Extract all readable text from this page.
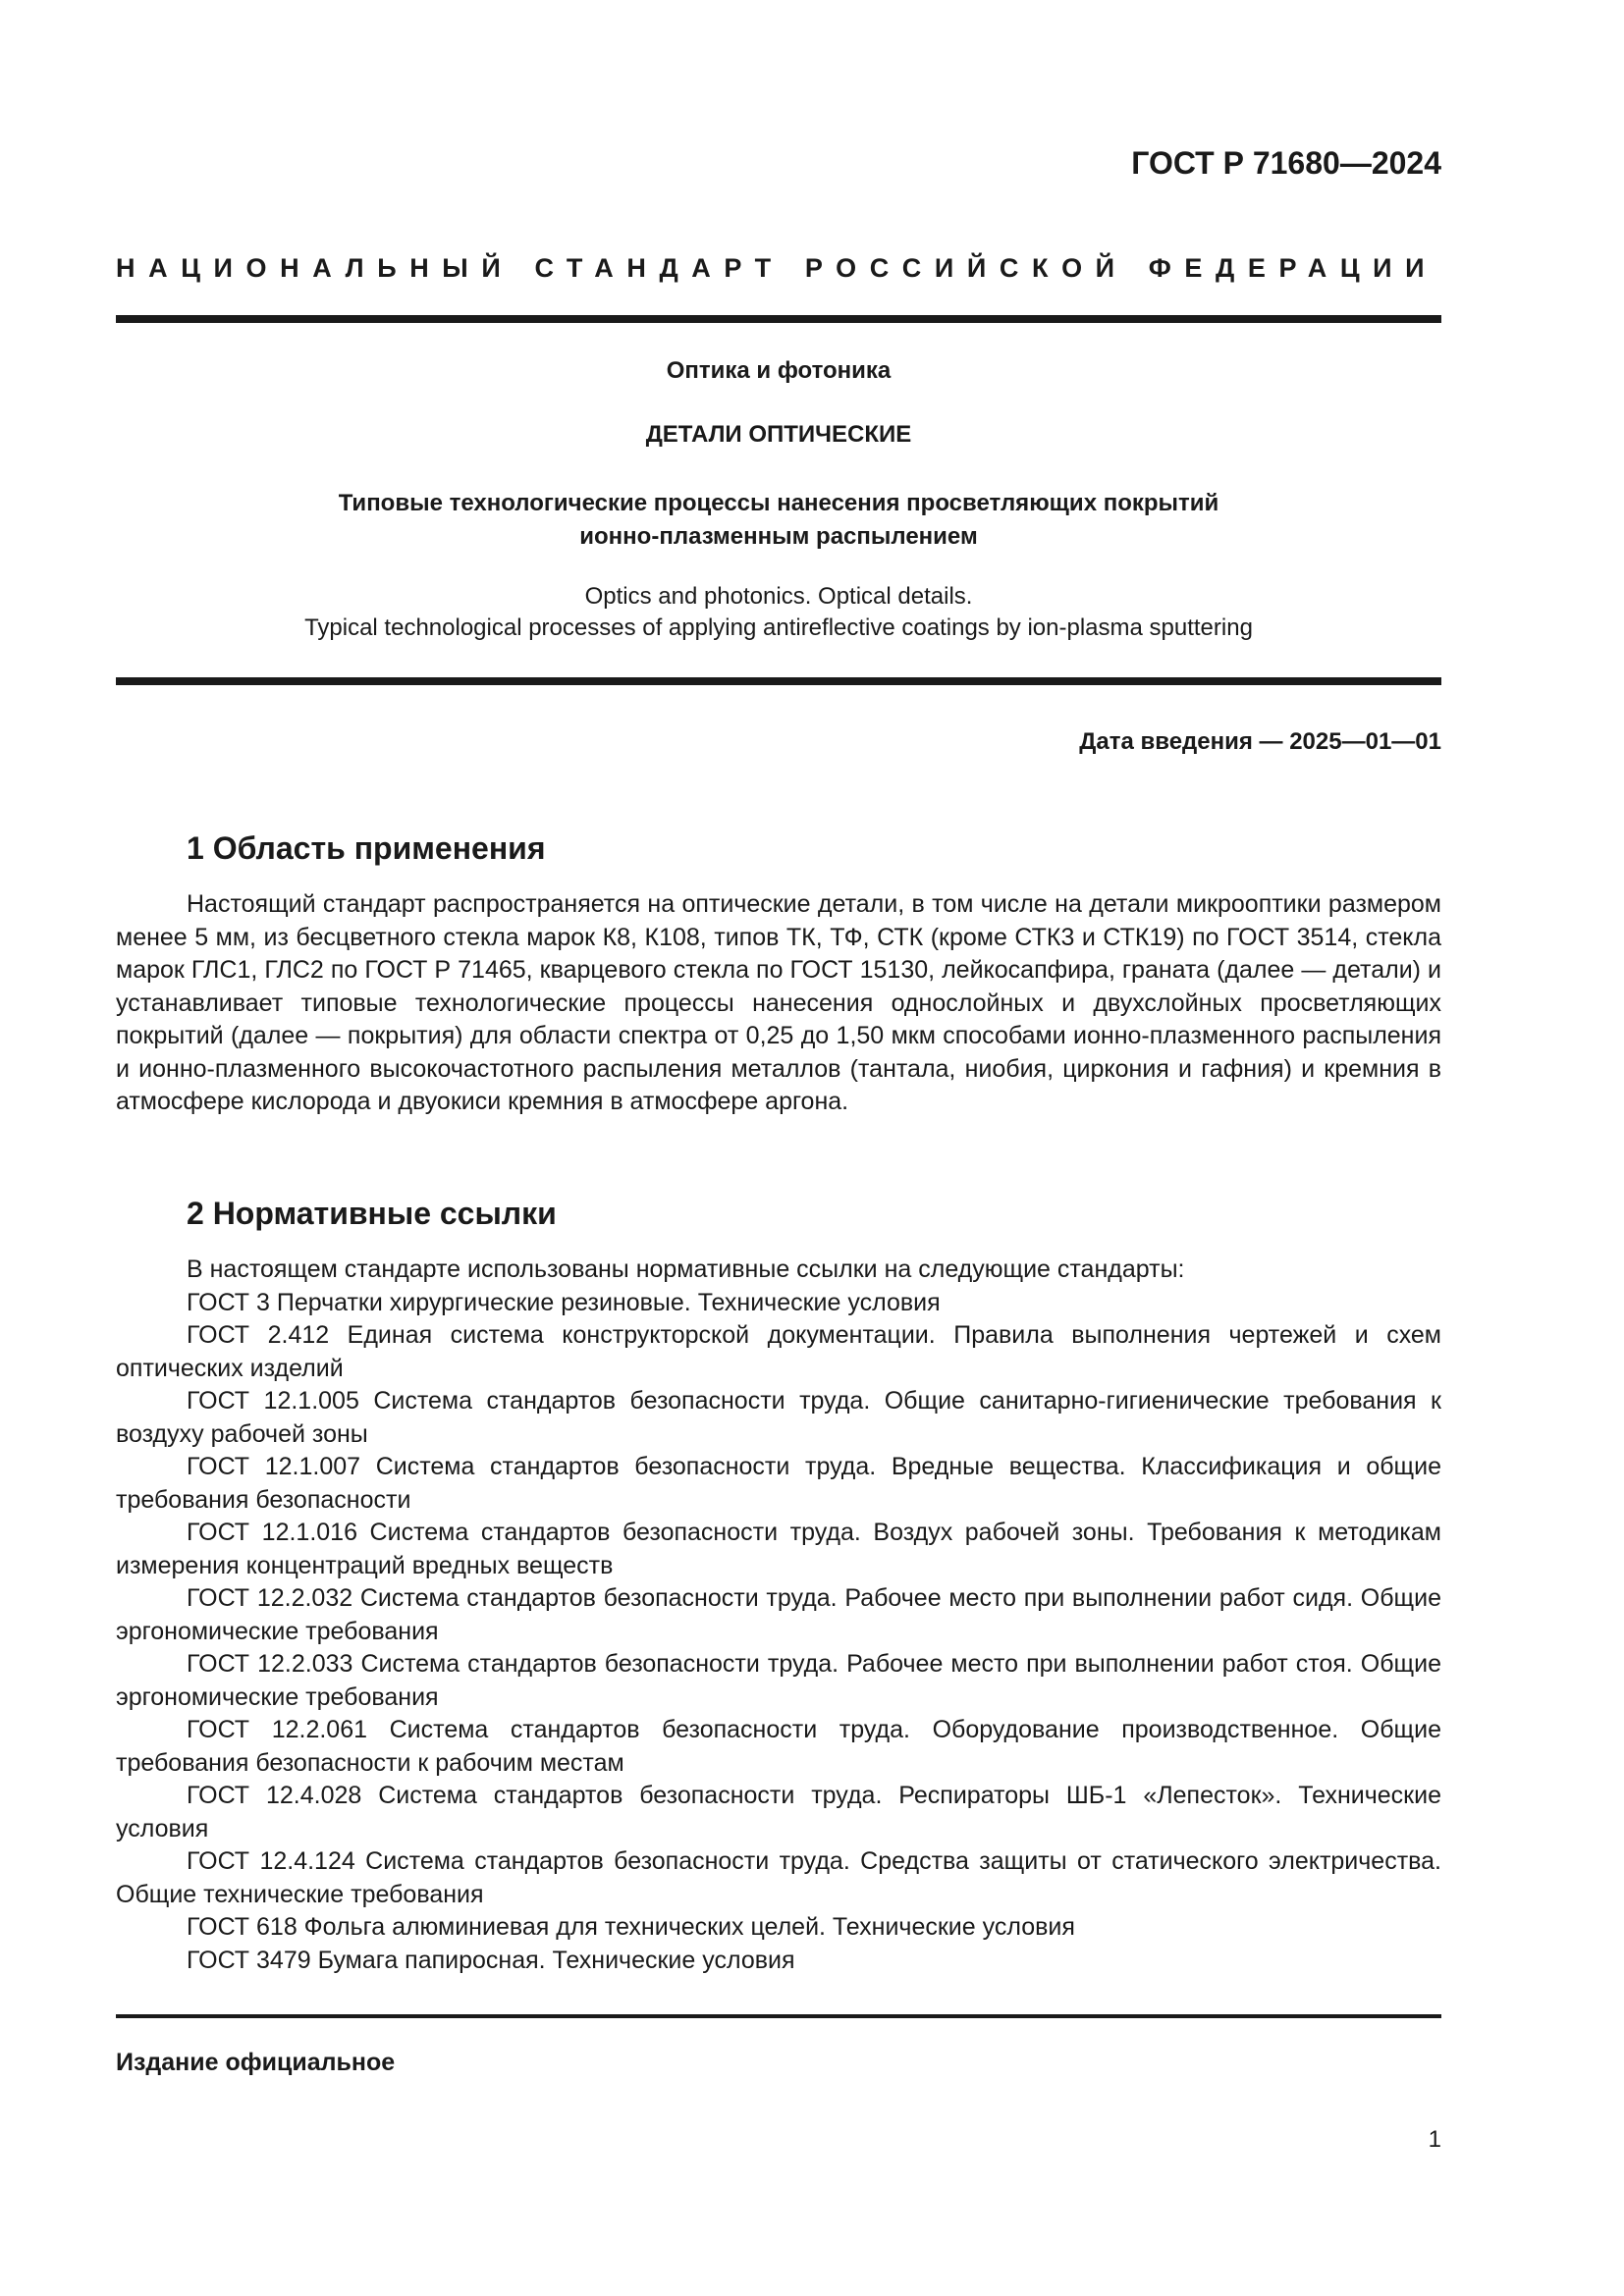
ГОСТ Р 71680—2024
НАЦИОНАЛЬНЫЙ СТАНДАРТ РОССИЙСКОЙ ФЕДЕРАЦИИ
Оптика и фотоника
ДЕТАЛИ ОПТИЧЕСКИЕ
Типовые технологические процессы нанесения просветляющих покрытий
ионно-плазменным распылением
Optics and photonics. Optical details.
Typical technological processes of applying antireflective coatings by ion-plasma sputtering
Дата введения — 2025—01—01
1 Область применения
Настоящий стандарт распространяется на оптические детали, в том числе на детали микрооптики размером менее 5 мм, из бесцветного стекла марок К8, К108, типов ТК, ТФ, СТК (кроме СТК3 и СТК19) по ГОСТ 3514, стекла марок ГЛС1, ГЛС2 по ГОСТ Р 71465, кварцевого стекла по ГОСТ 15130, лейкосапфира, граната (далее — детали) и устанавливает типовые технологические процессы нанесения однослойных и двухслойных просветляющих покрытий (далее — покрытия) для области спектра от 0,25 до 1,50 мкм способами ионно-плазменного распыления и ионно-плазменного высокочастотного распыления металлов (тантала, ниобия, циркония и гафния) и кремния в атмосфере кислорода и двуокиси кремния в атмосфере аргона.
2 Нормативные ссылки

В настоящем стандарте использованы нормативные ссылки на следующие стандарты:

ГОСТ 3 Перчатки хирургические резиновые. Технические условия

ГОСТ 2.412 Единая система конструкторской документации. Правила выполнения чертежей и схем оптических изделий

ГОСТ 12.1.005 Система стандартов безопасности труда. Общие санитарно-гигиенические требования к воздуху рабочей зоны

ГОСТ 12.1.007 Система стандартов безопасности труда. Вредные вещества. Классификация и общие требования безопасности

ГОСТ 12.1.016 Система стандартов безопасности труда. Воздух рабочей зоны. Требования к методикам измерения концентраций вредных веществ

ГОСТ 12.2.032 Система стандартов безопасности труда. Рабочее место при выполнении работ сидя. Общие эргономические требования

ГОСТ 12.2.033 Система стандартов безопасности труда. Рабочее место при выполнении работ стоя. Общие эргономические требования

ГОСТ 12.2.061 Система стандартов безопасности труда. Оборудование производственное. Общие требования безопасности к рабочим местам

ГОСТ 12.4.028 Система стандартов безопасности труда. Респираторы ШБ-1 «Лепесток». Технические условия

ГОСТ 12.4.124 Система стандартов безопасности труда. Средства защиты от статического электричества. Общие технические требования

ГОСТ 618 Фольга алюминиевая для технических целей. Технические условия

ГОСТ 3479 Бумага папиросная. Технические условия

Издание официальное
1
